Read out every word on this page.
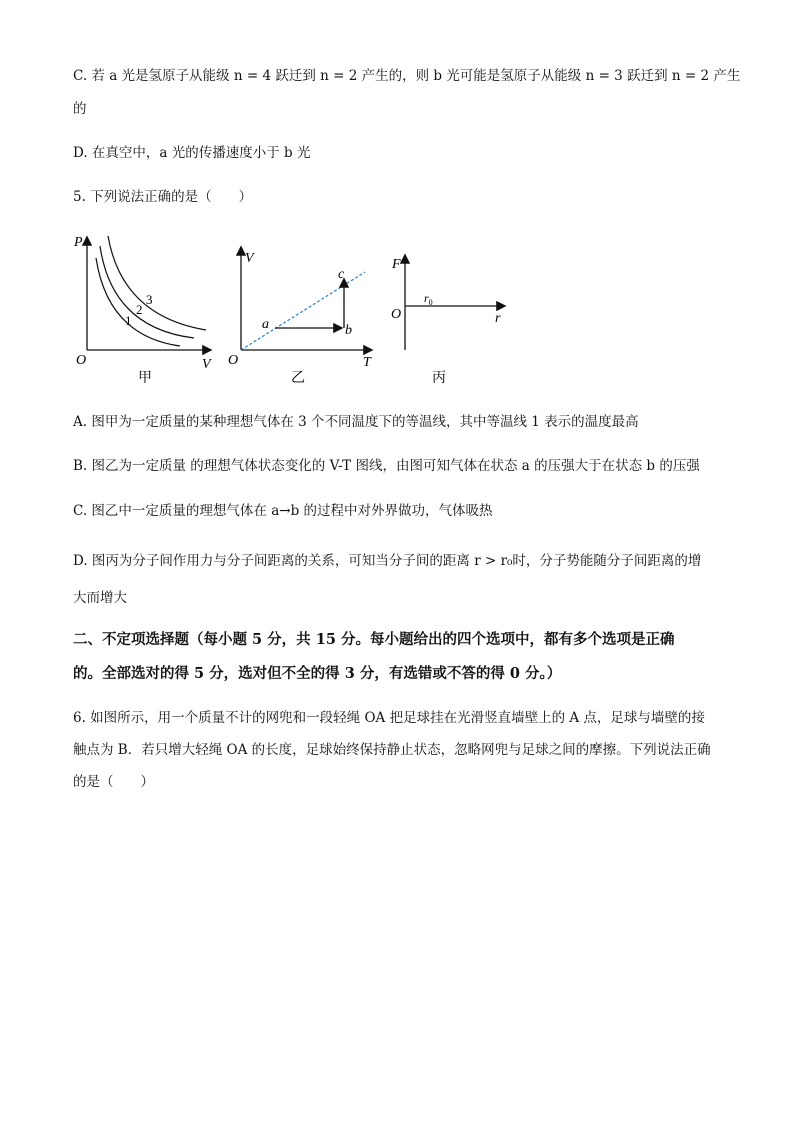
C. 若 a 光是氢原子从能级 n = 4 跃迁到 n = 2 产生的，则 b 光可能是氢原子从能级 n = 3 跃迁到 n = 2 产生
的
D. 在真空中，a 光的传播速度小于 b 光
5. 下列说法正确的是（　　）
P
V
O
1
2
3
甲
V
T
O
a	b
c
乙
F
r
O
$r_0$
丙
A. 图甲为一定质量的某种理想气体在 3 个不同温度下的等温线，其中等温线 1 表示的温度最高
B. 图乙为一定质量 的理想气体状态变化的 V-T 图线，由图可知气体在状态 a 的压强大于在状态 b 的压强
C. 图乙中一定质量的理想气体在 a→b 的过程中对外界做功，气体吸热
D. 图丙为分子间作用力与分子间距离的关系，可知当分子间的距离 r > r₀时，分子势能随分子间距离的增
大而增大
二、不定项选择题（每小题 5 分，共 15 分。每小题给出的四个选项中，都有多个选项是正确
的。全部选对的得 5 分，选对但不全的得 3 分，有选错或不答的得 0 分。）
6. 如图所示，用一个质量不计的网兜和一段轻绳 OA 把足球挂在光滑竖直墙壁上的 A 点，足球与墙壁的接
触点为 B．若只增大轻绳 OA 的长度，足球始终保持静止状态，忽略网兜与足球之间的摩擦。下列说法正确
的是（　　）
